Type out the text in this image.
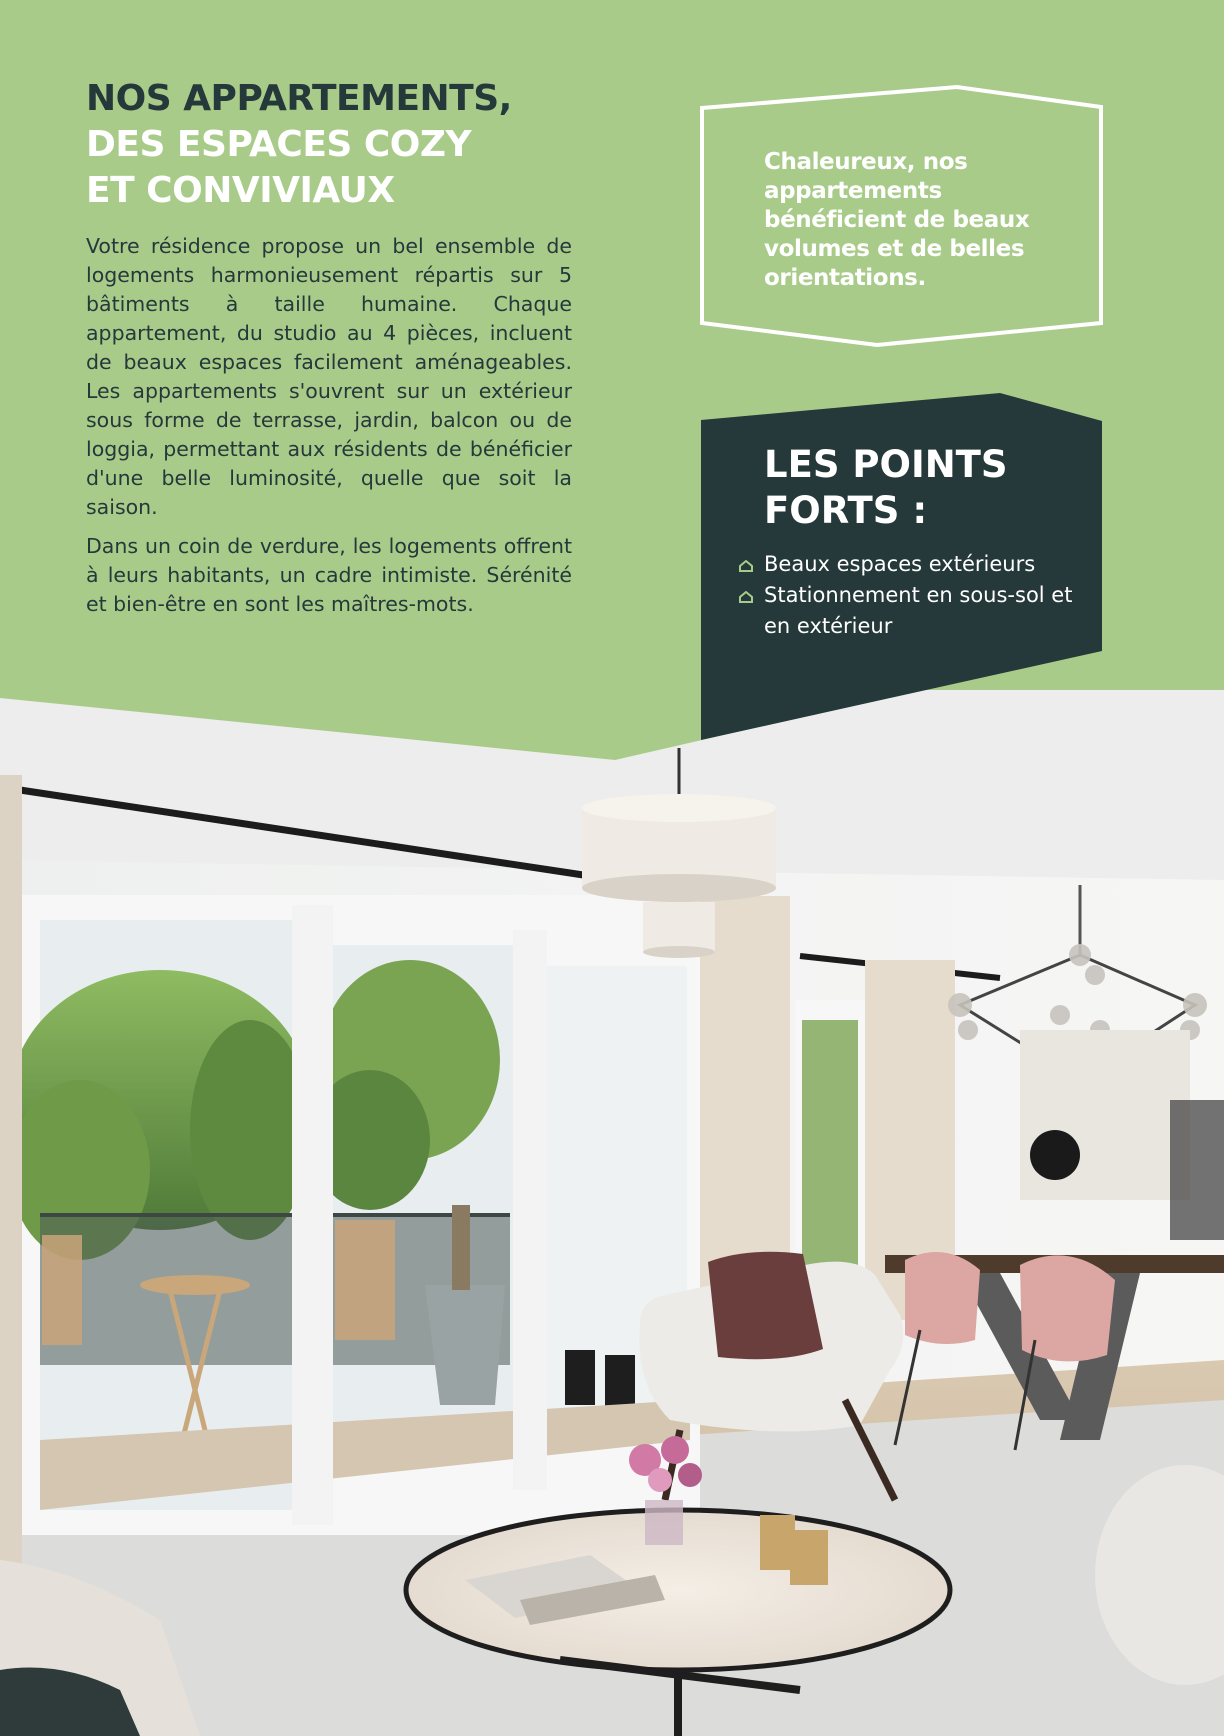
NOS APPARTEMENTS,
DES ESPACES COZY
ET CONVIVIAUX

Votre résidence propose un bel ensemble de logements harmonieusement répartis sur 5 bâtiments à taille humaine. Chaque appartement, du studio au 4 pièces, incluent de beaux espaces facilement aménageables. Les appartements s'ouvrent sur un extérieur sous forme de terrasse, jardin, balcon ou de loggia, permettant aux résidents de bénéficier d'une belle luminosité, quelle que soit la saison.

Dans un coin de verdure, les logements offrent à leurs habitants, un cadre intimiste. Sérénité et bien-être en sont les maîtres-mots.

Chaleureux, nos appartements bénéficient de beaux volumes et de belles orientations.

LES POINTS
FORTS :
Beaux espaces extérieurs
Stationnement en sous-sol et en extérieur
